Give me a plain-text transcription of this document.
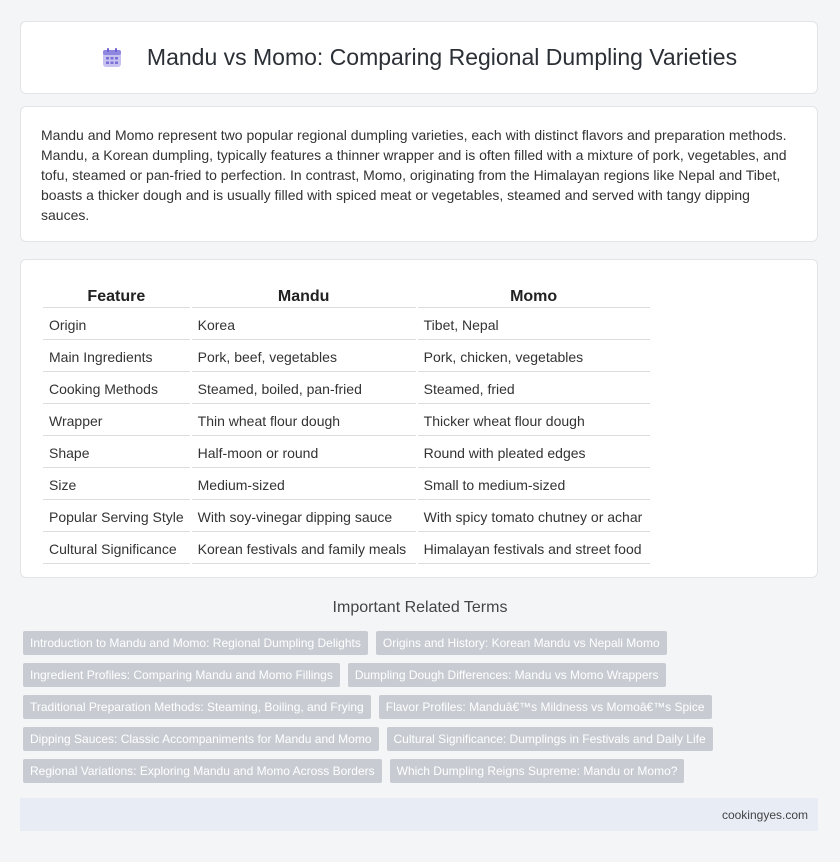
Mandu vs Momo: Comparing Regional Dumpling Varieties

Mandu and Momo represent two popular regional dumpling varieties, each with distinct flavors and preparation methods. Mandu, a Korean dumpling, typically features a thinner wrapper and is often filled with a mixture of pork, vegetables, and tofu, steamed or pan-fried to perfection. In contrast, Momo, originating from the Himalayan regions like Nepal and Tibet, boasts a thicker dough and is usually filled with spiced meat or vegetables, steamed and served with tangy dipping sauces.

Feature	Mandu	Momo
Origin	Korea	Tibet, Nepal
Main Ingredients	Pork, beef, vegetables	Pork, chicken, vegetables
Cooking Methods	Steamed, boiled, pan-fried	Steamed, fried
Wrapper	Thin wheat flour dough	Thicker wheat flour dough
Shape	Half-moon or round	Round with pleated edges
Size	Medium-sized	Small to medium-sized
Popular Serving Style	With soy-vinegar dipping sauce	With spicy tomato chutney or achar
Cultural Significance	Korean festivals and family meals	Himalayan festivals and street food
Important Related Terms
Introduction to Mandu and Momo: Regional Dumpling Delights	Origins and History: Korean Mandu vs Nepali Momo
Ingredient Profiles: Comparing Mandu and Momo Fillings	Dumpling Dough Differences: Mandu vs Momo Wrappers
Traditional Preparation Methods: Steaming, Boiling, and Frying	Flavor Profiles: Manduâ€™s Mildness vs Momoâ€™s Spice
Dipping Sauces: Classic Accompaniments for Mandu and Momo	Cultural Significance: Dumplings in Festivals and Daily Life
Regional Variations: Exploring Mandu and Momo Across Borders	Which Dumpling Reigns Supreme: Mandu or Momo?
cookingyes.com
